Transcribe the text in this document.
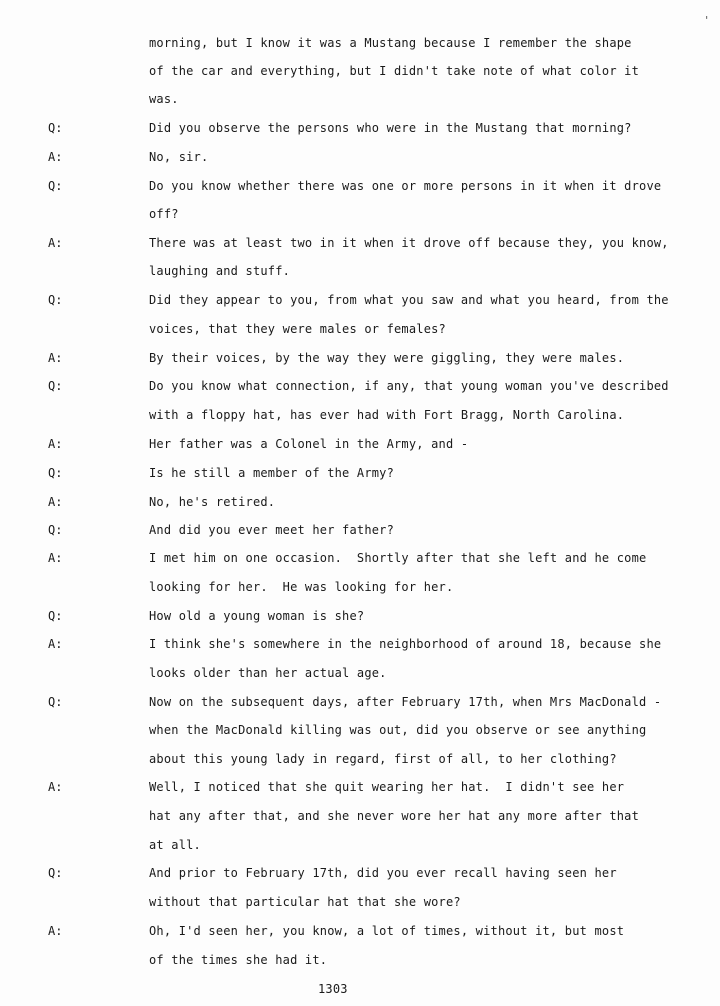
'
morning, but I know it was a Mustang because I remember the shape
of the car and everything, but I didn't take note of what color it
was.
Q:	Did you observe the persons who were in the Mustang that morning?
A:	No, sir.
Q:	Do you know whether there was one or more persons in it when it drove
off?
A:	There was at least two in it when it drove off because they, you know,
laughing and stuff.
Q:	Did they appear to you, from what you saw and what you heard, from the
voices, that they were males or females?
A:	By their voices, by the way they were giggling, they were males.
Q:	Do you know what connection, if any, that young woman you've described
with a floppy hat, has ever had with Fort Bragg, North Carolina.
A:	Her father was a Colonel in the Army, and -
Q:	Is he still a member of the Army?
A:	No, he's retired.
Q:	And did you ever meet her father?
A:	I met him on one occasion.  Shortly after that she left and he come
looking for her.  He was looking for her.
Q:	How old a young woman is she?
A:	I think she's somewhere in the neighborhood of around 18, because she
looks older than her actual age.
Q:	Now on the subsequent days, after February 17th, when Mrs MacDonald -
when the MacDonald killing was out, did you observe or see anything
about this young lady in regard, first of all, to her clothing?
A:	Well, I noticed that she quit wearing her hat.  I didn't see her
hat any after that, and she never wore her hat any more after that
at all.
Q:	And prior to February 17th, did you ever recall having seen her
without that particular hat that she wore?
A:	Oh, I'd seen her, you know, a lot of times, without it, but most
of the times she had it.
1303
